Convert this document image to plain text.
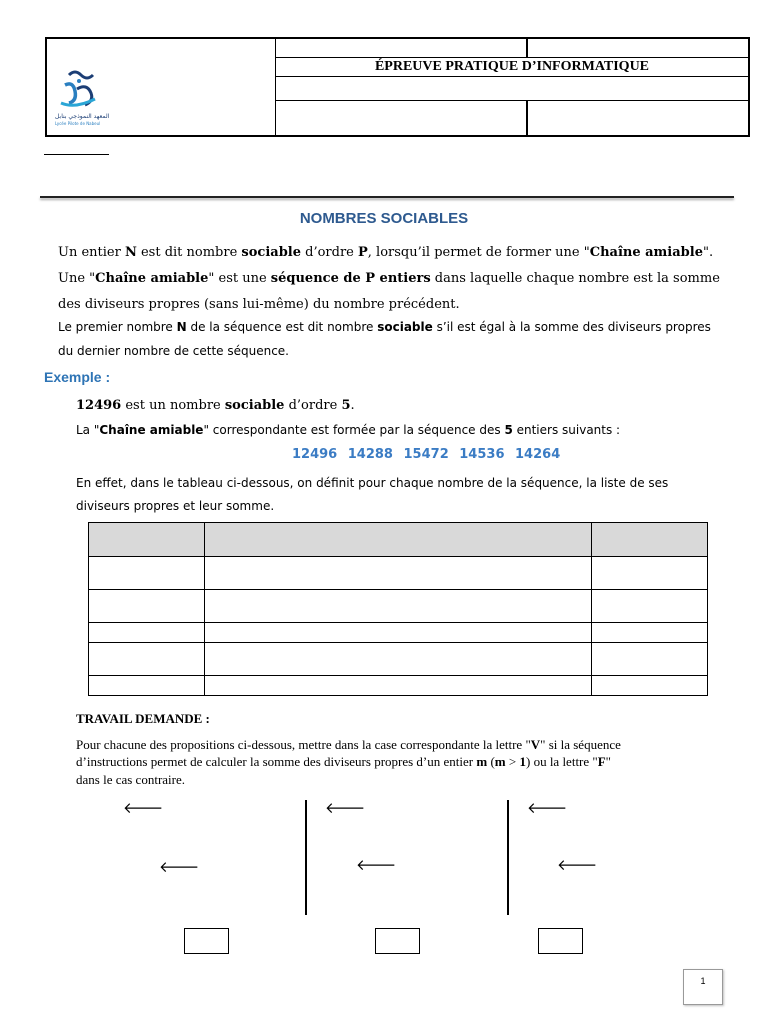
المعهد النموذجي بنابل
Lycée Pilote de Nabeul
ÉPREUVE PRATIQUE D’INFORMATIQUE
NOMBRES SOCIABLES
Un entier N est dit nombre sociable d’ordre P, lorsqu’il permet de former une "Chaîne amiable".
Une "Chaîne amiable" est une séquence de P entiers dans laquelle chaque nombre est la somme
des diviseurs propres (sans lui-même) du nombre précédent.
Le premier nombre N de la séquence est dit nombre sociable s’il est égal à la somme des diviseurs propres
du dernier nombre de cette séquence.
Exemple :
12496 est un nombre sociable d’ordre 5.
La "Chaîne amiable" correspondante est formée par la séquence des 5 entiers suivants :
12496 14288 15472 14536 14264
En effet, dans le tableau ci-dessous, on définit pour chaque nombre de la séquence, la liste de ses
diviseurs propres et leur somme.

TRAVAIL DEMANDE :
Pour chacune des propositions ci-dessous, mettre dans la case correspondante la lettre "V" si la séquence
d’instructions permet de calculer la somme des diviseurs propres d’un entier m (m > 1) ou la lettre "F"
dans le cas contraire.
🡐
🡐
🡐
🡐
🡐
🡐
1
